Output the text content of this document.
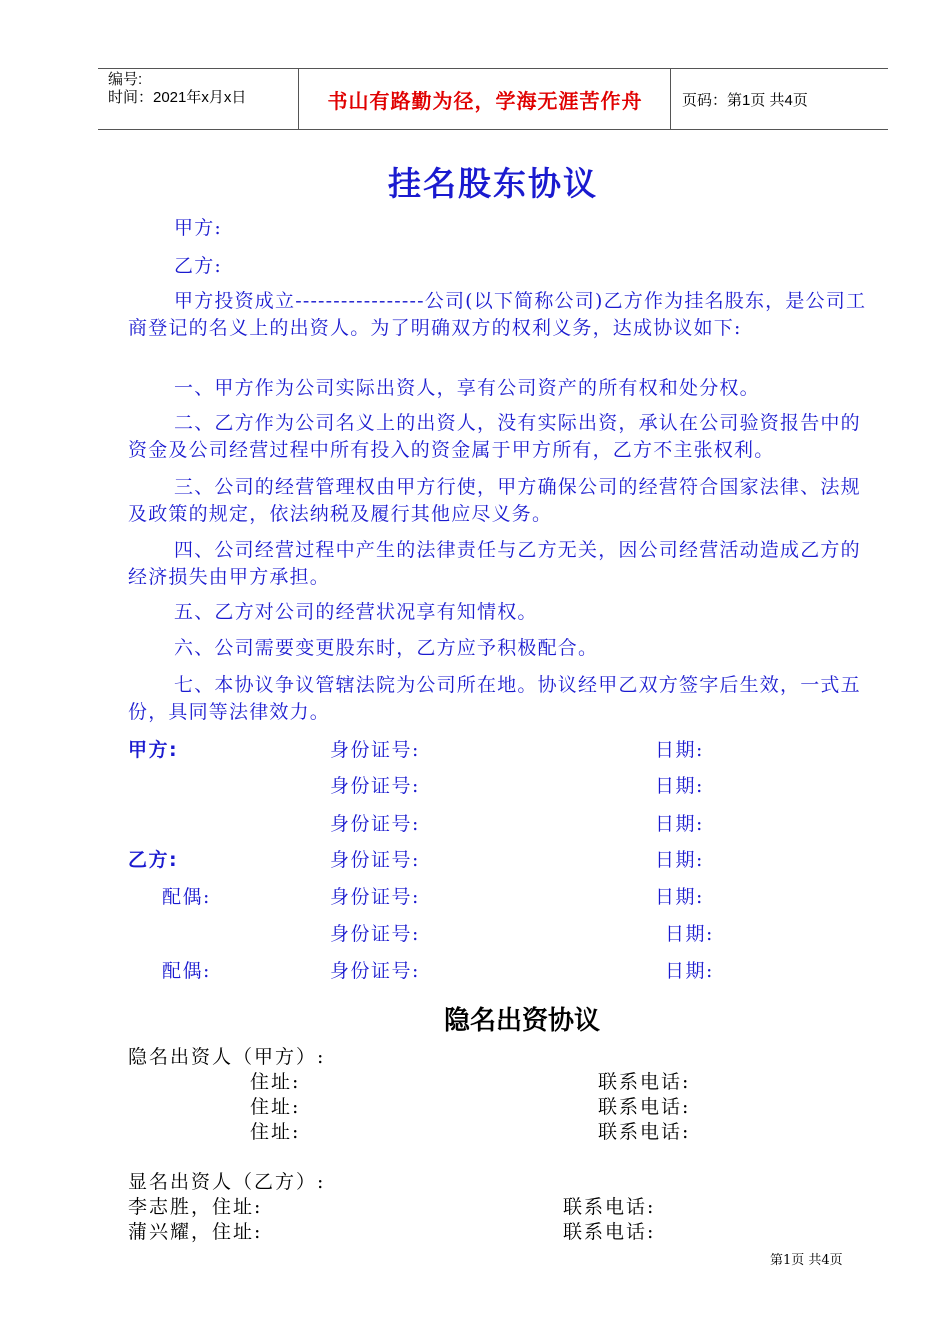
编号:
时间：2021年x月x日	书山有路勤为径，学海无涯苦作舟	页码：第1页 共4页
挂名股东协议
甲方:
乙方:
甲方投资成立-----------------公司(以下简称公司)乙方作为挂名股东，是公司工商登记的名义上的出资人。为了明确双方的权利义务，达成协议如下:
一、甲方作为公司实际出资人，享有公司资产的所有权和处分权。
二、乙方作为公司名义上的出资人，没有实际出资，承认在公司验资报告中的资金及公司经营过程中所有投入的资金属于甲方所有，乙方不主张权利。
三、公司的经营管理权由甲方行使，甲方确保公司的经营符合国家法律、法规及政策的规定，依法纳税及履行其他应尽义务。
四、公司经营过程中产生的法律责任与乙方无关，因公司经营活动造成乙方的经济损失由甲方承担。
五、乙方对公司的经营状况享有知情权。
六、公司需要变更股东时，乙方应予积极配合。
七、本协议争议管辖法院为公司所在地。协议经甲乙双方签字后生效，一式五份，具同等法律效力。
甲方:	身份证号:	日期:
身份证号:	日期:
身份证号:	日期:
乙方:	身份证号:	日期:
配偶:	身份证号:	日期:
身份证号:	日期:
配偶:	身份证号:	日期:
隐名出资协议
隐名出资人（甲方）:
住址:	联系电话:
住址:	联系电话:
住址:	联系电话:
显名出资人（乙方）:
李志胜，住址:	联系电话:
蒲兴耀，住址:	联系电话:
第1页 共4页
